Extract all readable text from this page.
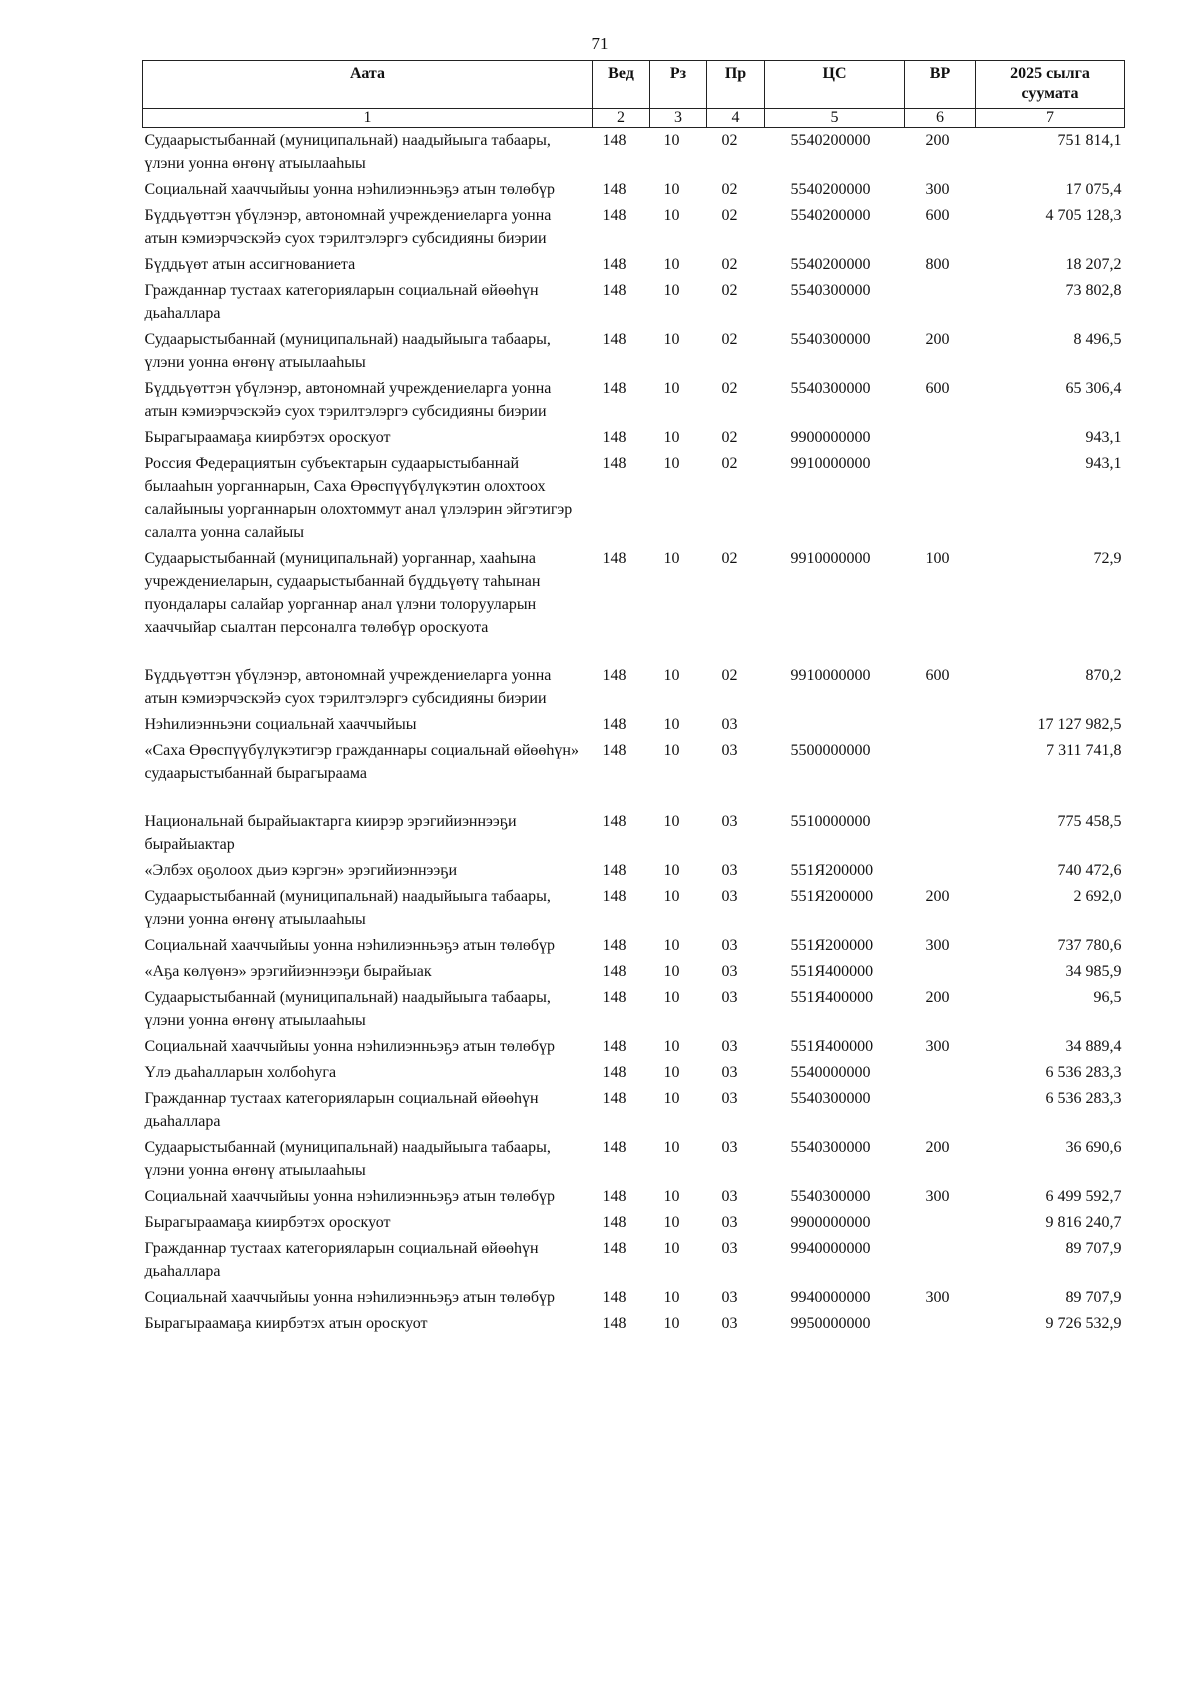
71
Аата	Вед	Рз	Пр	ЦС	ВР	2025 сылга
суумата

1	2	3	4	5	6	7
Судаарыстыбаннай (муниципальнай) наадыйыыга табаары, үлэни уонна өҥөнү атыылааһыы	148	10	02	5540200000	200	751 814,1
Социальнай хааччыйыы уонна нэһилиэнньэҕэ атын төлөбүр	148	10	02	5540200000	300	17 075,4
Бүддьүөттэн үбүлэнэр, автономнай учреждениеларга уонна атын кэмиэрчэскэйэ суох тэрилтэлэргэ субсидияны биэрии	148	10	02	5540200000	600	4 705 128,3
Бүддьүөт атын ассигнованиета	148	10	02	5540200000	800	18 207,2
Гражданнар тустаах категорияларын социальнай өйөөһүн дьаһаллара	148	10	02	5540300000		73 802,8
Судаарыстыбаннай (муниципальнай) наадыйыыга табаары, үлэни уонна өҥөнү атыылааһыы	148	10	02	5540300000	200	8 496,5
Бүддьүөттэн үбүлэнэр, автономнай учреждениеларга уонна атын кэмиэрчэскэйэ суох тэрилтэлэргэ субсидияны биэрии	148	10	02	5540300000	600	65 306,4
Бырагыраамаҕа киирбэтэх ороскуот	148	10	02	9900000000		943,1
Россия Федерациятын субъектарын судаарыстыбаннай былааһын уорганнарын, Саха Өрөспүүбүлүкэтин олохтоох салайыныы уорганнарын олохтоммут анал үлэлэрин эйгэтигэр салалта уонна салайыы	148	10	02	9910000000		943,1
Судаарыстыбаннай (муниципальнай) уорганнар, хааһына учреждениеларын, судаарыстыбаннай бүддьүөтү таһынан пуондалары салайар уорганнар анал үлэни толорууларын хааччыйар сыалтан персоналга төлөбүр ороскуота	148	10	02	9910000000	100	72,9
Бүддьүөттэн үбүлэнэр, автономнай учреждениеларга уонна атын кэмиэрчэскэйэ суох тэрилтэлэргэ субсидияны биэрии	148	10	02	9910000000	600	870,2
Нэһилиэнньэни социальнай хааччыйыы	148	10	03			17 127 982,5
«Саха Өрөспүүбүлүкэтигэр гражданнары социальнай өйөөһүн» судаарыстыбаннай бырагыраама	148	10	03	5500000000		7 311 741,8
Национальнай бырайыактарга киирэр эрэгийиэннээҕи бырайыактар	148	10	03	5510000000		775 458,5
«Элбэх оҕолоох дьиэ кэргэн» эрэгийиэннээҕи	148	10	03	551Я200000		740 472,6
Судаарыстыбаннай (муниципальнай) наадыйыыга табаары, үлэни уонна өҥөнү атыылааһыы	148	10	03	551Я200000	200	2 692,0
Социальнай хааччыйыы уонна нэһилиэнньэҕэ атын төлөбүр	148	10	03	551Я200000	300	737 780,6
«Аҕа көлүөнэ» эрэгийиэннээҕи бырайыак	148	10	03	551Я400000		34 985,9
Судаарыстыбаннай (муниципальнай) наадыйыыга табаары, үлэни уонна өҥөнү атыылааһыы	148	10	03	551Я400000	200	96,5
Социальнай хааччыйыы уонна нэһилиэнньэҕэ атын төлөбүр	148	10	03	551Я400000	300	34 889,4
Үлэ дьаһалларын холбоһуга	148	10	03	5540000000		6 536 283,3
Гражданнар тустаах категорияларын социальнай өйөөһүн дьаһаллара	148	10	03	5540300000		6 536 283,3
Судаарыстыбаннай (муниципальнай) наадыйыыга табаары, үлэни уонна өҥөнү атыылааһыы	148	10	03	5540300000	200	36 690,6
Социальнай хааччыйыы уонна нэһилиэнньэҕэ атын төлөбүр	148	10	03	5540300000	300	6 499 592,7
Бырагыраамаҕа киирбэтэх ороскуот	148	10	03	9900000000		9 816 240,7
Гражданнар тустаах категорияларын социальнай өйөөһүн дьаһаллара	148	10	03	9940000000		89 707,9
Социальнай хааччыйыы уонна нэһилиэнньэҕэ атын төлөбүр	148	10	03	9940000000	300	89 707,9
Бырагыраамаҕа киирбэтэх атын ороскуот	148	10	03	9950000000		9 726 532,9
